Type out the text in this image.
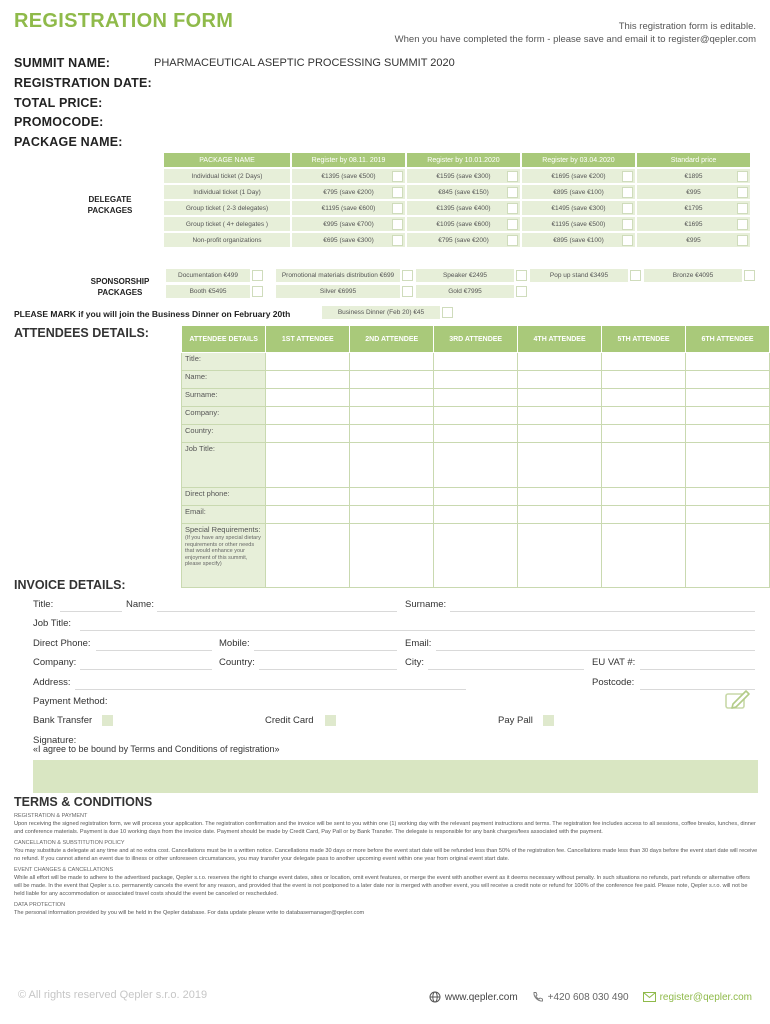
REGISTRATION FORM	This registration form is editable.
When you have completed the form - please save and email it to register@qepler.com
SUMMIT NAME:	PHARMACEUTICAL ASEPTIC PROCESSING SUMMIT 2020
REGISTRATION DATE:
TOTAL PRICE:
PROMOCODE:
PACKAGE NAME:
DELEGATE
PACKAGES
PACKAGE NAME	Register by 08.11. 2019	Register by 10.01.2020	Register by 03.04.2020	Standard price
Individual ticket (2 Days)	€1395 (save €500)	€1595 (save €300)	€1695 (save €200)	€1895

Individual ticket (1 Day)	€795 (save €200)	€845 (save €150)	€895 (save €100)	€995

Group ticket ( 2-3 delegates)	€1195 (save €600)	€1395 (save €400)	€1495 (save €300)	€1795

Group ticket ( 4+ delegates )	€995 (save €700)	€1095 (save €600)	€1195 (save €500)	€1695

Non-profit organizations	€695 (save €300)	€795 (save €200)	€895 (save €100)	€995
SPONSORSHIP
PACKAGES
Documentation €499	Promotional materials distribution €699	Speaker €2495	Pop up stand €3495	Bronze €4095
Booth €5495	Silver €6995	Gold €7995
PLEASE MARK if you will join the Business Dinner on February 20th	Business Dinner (Feb 20) €45
ATTENDEES DETAILS:	ATTENDEE DETAILS	1ST ATTENDEE	2ND ATTENDEE	3RD ATTENDEE	4TH ATTENDEE	5TH ATTENDEE	6TH ATTENDEE
Title:						
Name:						
Surname:						
Company:						
Country:						
Job Title:						
Direct phone:						
Email:						
Special Requirements:
(If you have any special dietary requirements or other needs that would enhance your enjoyment of this summit, please specify)						

INVOICE DETAILS:
Title:	Name:	Surname:
Job Title:
Direct Phone:	Mobile:	Email:
Company:	Country:	City:	EU VAT #:
Address:	Postcode:
Payment Method:
Bank Transfer	Credit Card	Pay Pall
Signature:
«I agree to be bound by Terms and Conditions of registration»
TERMS & CONDITIONS
REGISTRATION & PAYMENT
Upon receiving the signed registration form, we will process your application. The registration confirmation and the invoice will be sent to you within one (1) working day with the relevant payment instructions and terms. The registration fee includes access to all sessions, coffee breaks, lunches, dinner and conference materials. Payment is due 10 working days from the invoice date. Payment should be made by Credit Card, Pay Pall or by Bank Transfer. The delegate is responsible for any bank charges/fees associated with the payment.
CANCELLATION & SUBSTITUTION POLICY
You may substitute a delegate at any time and at no extra cost. Cancellations must be in a written notice. Cancellations made 30 days or more before the event start date will be refunded less than 50% of the registration fee. Cancellations made less than 30 days before the event start date will receive no refund. If you cannot attend an event due to illness or other unforeseen circumstances, you may transfer your delegate pass to another upcoming event within one year from original event start date.
EVENT CHANGES & CANCELLATIONS
While all effort will be made to adhere to the advertised package, Qepler s.r.o. reserves the right to change event dates, sites or location, omit event features, or merge the event with another event as it deems necessary without penalty. In such situations no refunds, part refunds or alternative offers will be made. In the event that Qepler s.r.o. permanently cancels the event for any reason, and provided that the event is not postponed to a later date nor is merged with another event, you will receive a credit note or refund for 100% of the conference fee paid. Please note, Qepler s.r.o. will not be held liable for any accommodation or associated travel costs should the event be canceled or rescheduled.
DATA PROTECTION
The personal information provided by you will be held in the Qepler database. For data update please write to databasemanager@qepler.com
© All rights reserved Qepler s.r.o. 2019	www.qepler.com	+420 608 030 490	register@qepler.com
